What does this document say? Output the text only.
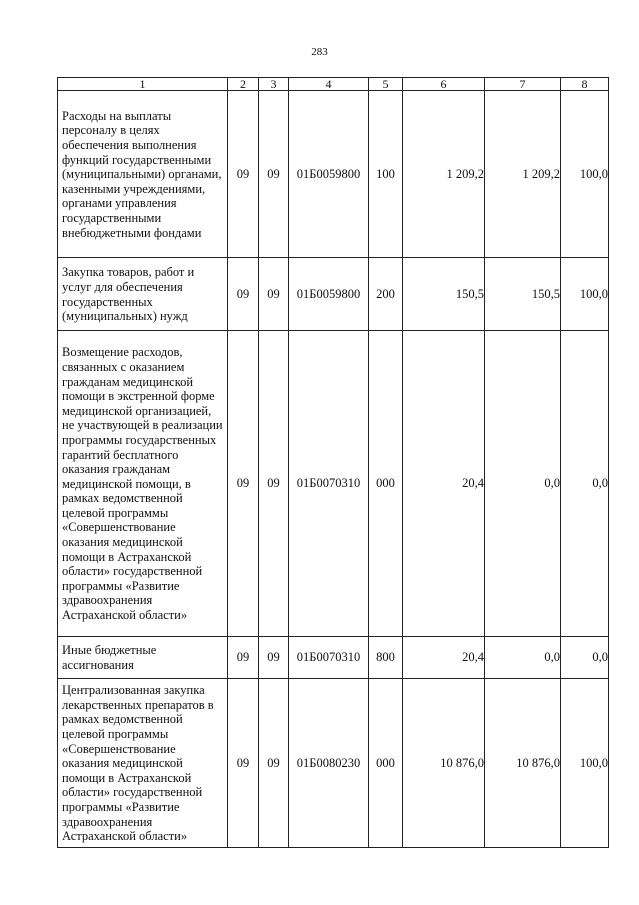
283
1	2	3	4	5	6	7	8
Расходы на выплаты персоналу в целях обеспечения выполнения функций государственными (муниципальными) органами, казенными учреждениями, органами управления государственными внебюджетными фондами	09	09	01Б0059800	100	1 209,2	1 209,2	100,0
Закупка товаров, работ и услуг для обеспечения государственных (муниципальных) нужд	09	09	01Б0059800	200	150,5	150,5	100,0
Возмещение расходов, связанных с оказанием гражданам медицинской помощи в экстренной форме медицинской организацией, не участвующей в реализации программы государственных гарантий бесплатного оказания гражданам медицинской помощи, в рамках ведомственной целевой программы «Совершенствование оказания медицинской помощи в Астраханской области» государственной программы «Развитие здравоохранения Астраханской области»	09	09	01Б0070310	000	20,4	0,0	0,0
Иные бюджетные ассигнования	09	09	01Б0070310	800	20,4	0,0	0,0
Централизованная закупка лекарственных препаратов в рамках ведомственной целевой программы «Совершенствование оказания медицинской помощи в Астраханской области» государственной программы «Развитие здравоохранения Астраханской области»	09	09	01Б0080230	000	10 876,0	10 876,0	100,0
